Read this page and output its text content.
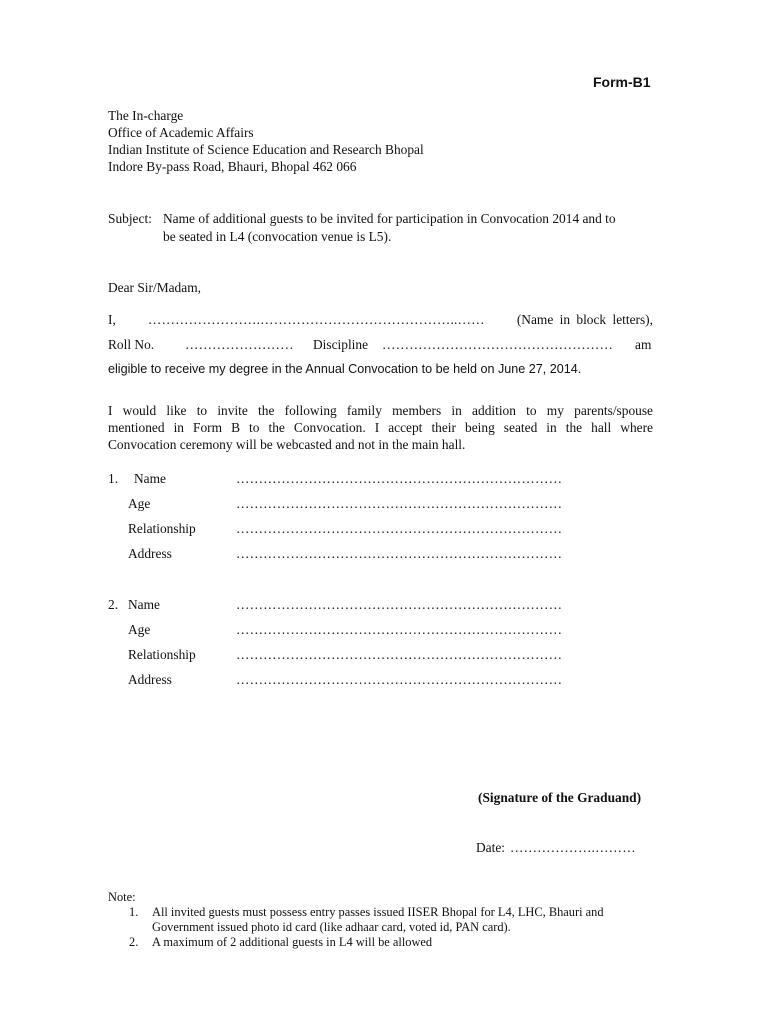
Form-B1
The In-charge
Office of Academic Affairs
Indian Institute of Science Education and Research Bhopal
Indore By-pass Road, Bhauri, Bhopal 462 066
Subject: Name of additional guests to be invited for participation in Convocation 2014 and to
be seated in L4 (convocation venue is L5).
Dear Sir/Madam,
I, …………………….……………………………………..…… (Name in block letters),
Roll No. …………………… Discipline …………………………………………… am
eligible to receive my degree in the Annual Convocation to be held on June 27, 2014.
I would like to invite the following family members in addition to my parents/spouse
mentioned in Form B to the Convocation. I accept their being seated in the hall where
Convocation ceremony will be webcasted and not in the main hall.
1. Name	………………………………………………………………
Age	………………………………………………………………
Relationship	………………………………………………………………
Address	………………………………………………………………
2. Name	………………………………………………………………
Age	………………………………………………………………
Relationship	………………………………………………………………
Address	………………………………………………………………
(Signature of the Graduand)
Date: ……………….………
Note:
1. All invited guests must possess entry passes issued IISER Bhopal for L4, LHC, Bhauri and
Government issued photo id card (like adhaar card, voted id, PAN card).
2. A maximum of 2 additional guests in L4 will be allowed
